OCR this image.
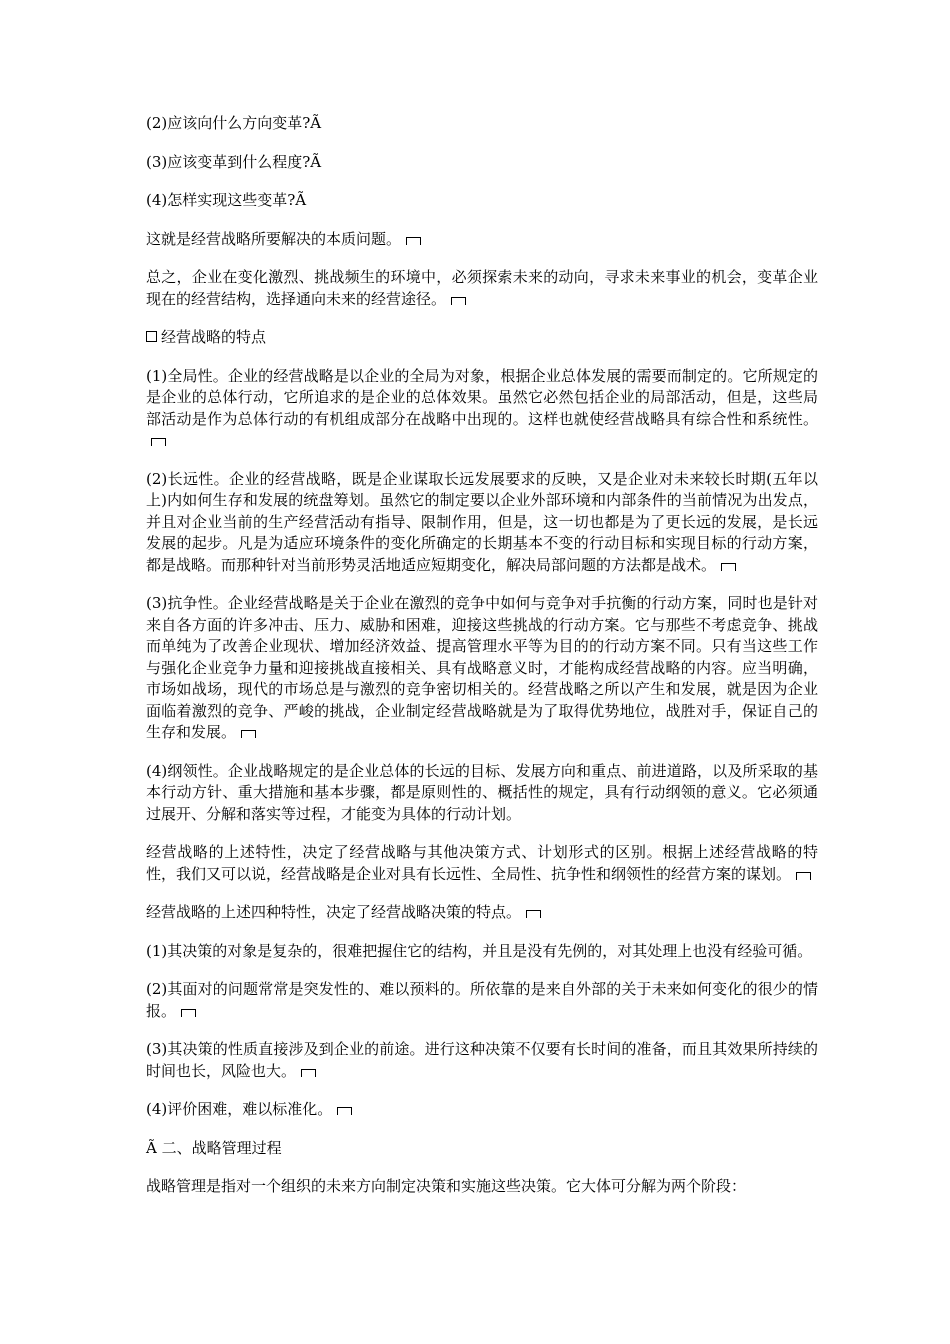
(2)应该向什么方向变革?Ã

(3)应该变革到什么程度?Ã

(4)怎样实现这些变革?Ã

这就是经营战略所要解决的本质问题。

总之，企业在变化激烈、挑战频生的环境中，必须探索未来的动向，寻求未来事业的机会，变革企业现在的经营结构，选择通向未来的经营途径。

经营战略的特点

(1)全局性。企业的经营战略是以企业的全局为对象，根据企业总体发展的需要而制定的。它所规定的是企业的总体行动，它所追求的是企业的总体效果。虽然它必然包括企业的局部活动，但是，这些局部活动是作为总体行动的有机组成部分在战略中出现的。这样也就使经营战略具有综合性和系统性。

(2)长远性。企业的经营战略，既是企业谋取长远发展要求的反映，又是企业对未来较长时期(五年以上)内如何生存和发展的统盘筹划。虽然它的制定要以企业外部环境和内部条件的当前情况为出发点，并且对企业当前的生产经营活动有指导、限制作用，但是，这一切也都是为了更长远的发展，是长远发展的起步。凡是为适应环境条件的变化所确定的长期基本不变的行动目标和实现目标的行动方案，都是战略。而那种针对当前形势灵活地适应短期变化，解决局部问题的方法都是战术。

(3)抗争性。企业经营战略是关于企业在激烈的竞争中如何与竞争对手抗衡的行动方案，同时也是针对来自各方面的许多冲击、压力、威胁和困难，迎接这些挑战的行动方案。它与那些不考虑竞争、挑战而单纯为了改善企业现状、增加经济效益、提高管理水平等为目的的行动方案不同。只有当这些工作与强化企业竞争力量和迎接挑战直接相关、具有战略意义时，才能构成经营战略的内容。应当明确，市场如战场，现代的市场总是与激烈的竞争密切相关的。经营战略之所以产生和发展，就是因为企业面临着激烈的竞争、严峻的挑战，企业制定经营战略就是为了取得优势地位，战胜对手，保证自己的生存和发展。

(4)纲领性。企业战略规定的是企业总体的长远的目标、发展方向和重点、前进道路，以及所采取的基本行动方针、重大措施和基本步骤，都是原则性的、概括性的规定，具有行动纲领的意义。它必须通过展开、分解和落实等过程，才能变为具体的行动计划。

经营战略的上述特性，决定了经营战略与其他决策方式、计划形式的区别。根据上述经营战略的特性，我们又可以说，经营战略是企业对具有长远性、全局性、抗争性和纲领性的经营方案的谋划。

经营战略的上述四种特性，决定了经营战略决策的特点。

(1)其决策的对象是复杂的，很难把握住它的结构，并且是没有先例的，对其处理上也没有经验可循。

(2)其面对的问题常常是突发性的、难以预料的。所依靠的是来自外部的关于未来如何变化的很少的情报。

(3)其决策的性质直接涉及到企业的前途。进行这种决策不仅要有长时间的准备，而且其效果所持续的时间也长，风险也大。

(4)评价困难，难以标准化。

Ã 二、战略管理过程

战略管理是指对一个组织的未来方向制定决策和实施这些决策。它大体可分解为两个阶段：
